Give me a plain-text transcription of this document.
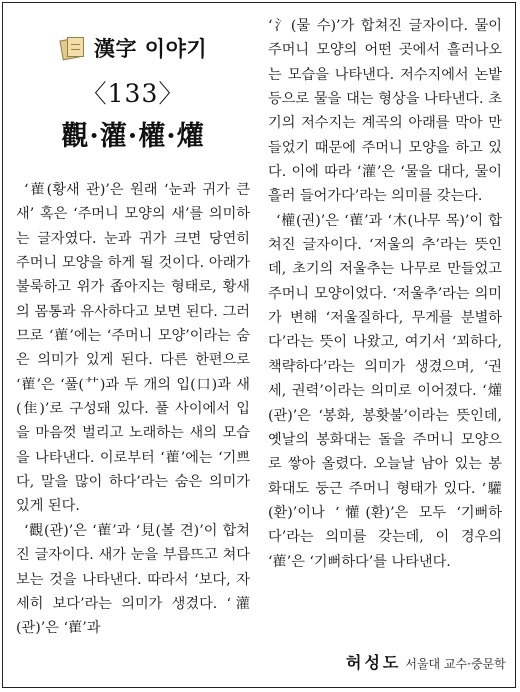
漢字 이야기
〈133〉
觀·灌·權·爟

‘雚(황새 관)’은 원래 ‘눈과 귀가 큰 새’ 혹은 ‘주머니 모양의 새’를 의미하는 글자였다. 눈과 귀가 크면 당연히 주머니 모양을 하게 될 것이다. 아래가 불룩하고 위가 좁아지는 형태로, 황새의 몸통과 유사하다고 보면 된다. 그러므로 ‘雚’에는 ‘주머니 모양’이라는 숨은 의미가 있게 된다. 다른 한편으로 ‘雚’은 ‘풀(⺿)과 두 개의 입(口)과 새(隹)’로 구성돼 있다. 풀 사이에서 입을 마음껏 벌리고 노래하는 새의 모습을 나타낸다. 이로부터 ‘雚’에는 ‘기쁘다, 말을 많이 하다’라는 숨은 의미가 있게 된다.

‘觀(관)’은 ‘雚’과 ‘見(볼 견)’이 합쳐진 글자이다. 새가 눈을 부릅뜨고 쳐다보는 것을 나타낸다. 따라서 ‘보다, 자세히 보다’라는 의미가 생겼다. ‘灌(관)’은 ‘雚’과

‘氵(물 수)’가 합쳐진 글자이다. 물이 주머니 모양의 어떤 곳에서 흘러나오는 모습을 나타낸다. 저수지에서 논밭 등으로 물을 대는 형상을 나타낸다. 초기의 저수지는 계곡의 아래를 막아 만들었기 때문에 주머니 모양을 하고 있다. 이에 따라 ‘灌’은 ‘물을 대다, 물이 흘러 들어가다’라는 의미를 갖는다.

‘權(권)’은 ‘雚’과 ‘木(나무 목)’이 합쳐진 글자이다. ‘저울의 추’라는 뜻인데, 초기의 저울추는 나무로 만들었고 주머니 모양이었다. ‘저울추’라는 의미가 변해 ‘저울질하다, 무게를 분별하다’라는 뜻이 나왔고, 여기서 ‘꾀하다, 책략하다’라는 의미가 생겼으며, ‘권세, 권력’이라는 의미로 이어졌다. ‘爟(관)’은 ‘봉화, 봉홧불’이라는 뜻인데, 옛날의 봉화대는 돌을 주머니 모양으로 쌓아 올렸다. 오늘날 남아 있는 봉화대도 둥근 주머니 형태가 있다. ‘驩(환)’이나 ‘懽(환)’은 모두 ‘기뻐하다’라는 의미를 갖는데, 이 경우의 ‘雚’은 ‘기뻐하다’를 나타낸다.

허성도 서울대 교수·중문학
